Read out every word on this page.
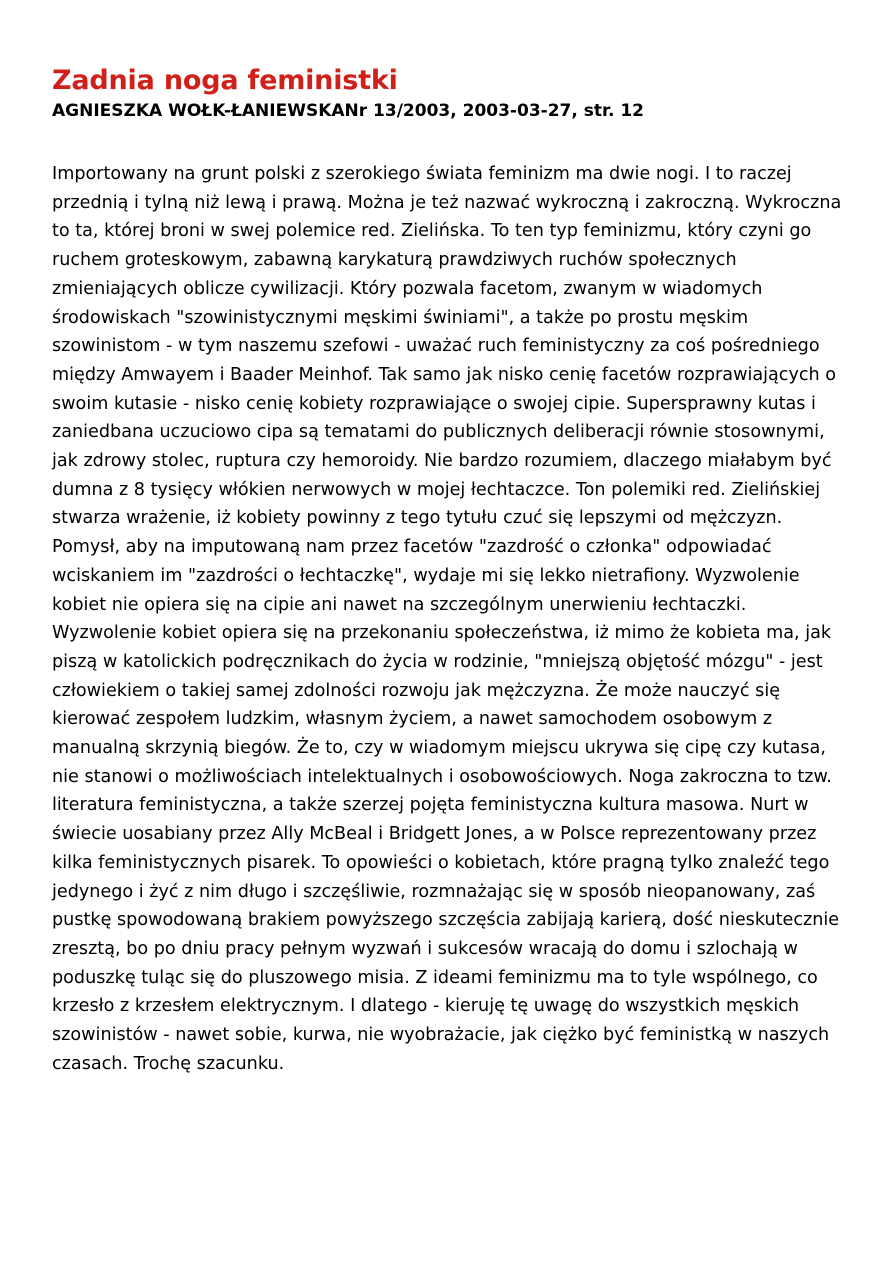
Zadnia noga feministki
AGNIESZKA WOŁK-ŁANIEWSKANr 13/2003, 2003-03-27, str. 12

Importowany na grunt polski z szerokiego świata feminizm ma dwie nogi. I to raczej przednią i tylną niż lewą i prawą. Można je też nazwać wykroczną i zakroczną. Wykroczna to ta, której broni w swej polemice red. Zielińska. To ten typ feminizmu, który czyni go ruchem groteskowym, zabawną karykaturą prawdziwych ruchów społecznych zmieniających oblicze cywilizacji. Który pozwala facetom, zwanym w wiadomych środowiskach "szowinistycznymi męskimi świniami", a także po prostu męskim szowinistom - w tym naszemu szefowi - uważać ruch feministyczny za coś pośredniego między Amwayem i Baader Meinhof. Tak samo jak nisko cenię facetów rozprawiających o swoim kutasie - nisko cenię kobiety rozprawiające o swojej cipie. Supersprawny kutas i zaniedbana uczuciowo cipa są tematami do publicznych deliberacji równie stosownymi, jak zdrowy stolec, ruptura czy hemoroidy. Nie bardzo rozumiem, dlaczego miałabym być dumna z 8 tysięcy włókien nerwowych w mojej łechtaczce. Ton polemiki red. Zielińskiej stwarza wrażenie, iż kobiety powinny z tego tytułu czuć się lepszymi od mężczyzn. Pomysł, aby na imputowaną nam przez facetów "zazdrość o członka" odpowiadać wciskaniem im "zazdrości o łechtaczkę", wydaje mi się lekko nietrafiony. Wyzwolenie kobiet nie opiera się na cipie ani nawet na szczególnym unerwieniu łechtaczki. Wyzwolenie kobiet opiera się na przekonaniu społeczeństwa, iż mimo że kobieta ma, jak piszą w katolickich podręcznikach do życia w rodzinie, "mniejszą objętość mózgu" - jest człowiekiem o takiej samej zdolności rozwoju jak mężczyzna. Że może nauczyć się kierować zespołem ludzkim, własnym życiem, a nawet samochodem osobowym z manualną skrzynią biegów. Że to, czy w wiadomym miejscu ukrywa się cipę czy kutasa, nie stanowi o możliwościach intelektualnych i osobowościowych. Noga zakroczna to tzw. literatura feministyczna, a także szerzej pojęta feministyczna kultura masowa. Nurt w świecie uosabiany przez Ally McBeal i Bridgett Jones, a w Polsce reprezentowany przez kilka feministycznych pisarek. To opowieści o kobietach, które pragną tylko znaleźć tego jedynego i żyć z nim długo i szczęśliwie, rozmnażając się w sposób nieopanowany, zaś pustkę spowodowaną brakiem powyższego szczęścia zabijają karierą, dość nieskutecznie zresztą, bo po dniu pracy pełnym wyzwań i sukcesów wracają do domu i szlochają w poduszkę tuląc się do pluszowego misia. Z ideami feminizmu ma to tyle wspólnego, co krzesło z krzesłem elektrycznym. I dlatego - kieruję tę uwagę do wszystkich męskich szowinistów - nawet sobie, kurwa, nie wyobrażacie, jak ciężko być feministką w naszych czasach. Trochę szacunku.
